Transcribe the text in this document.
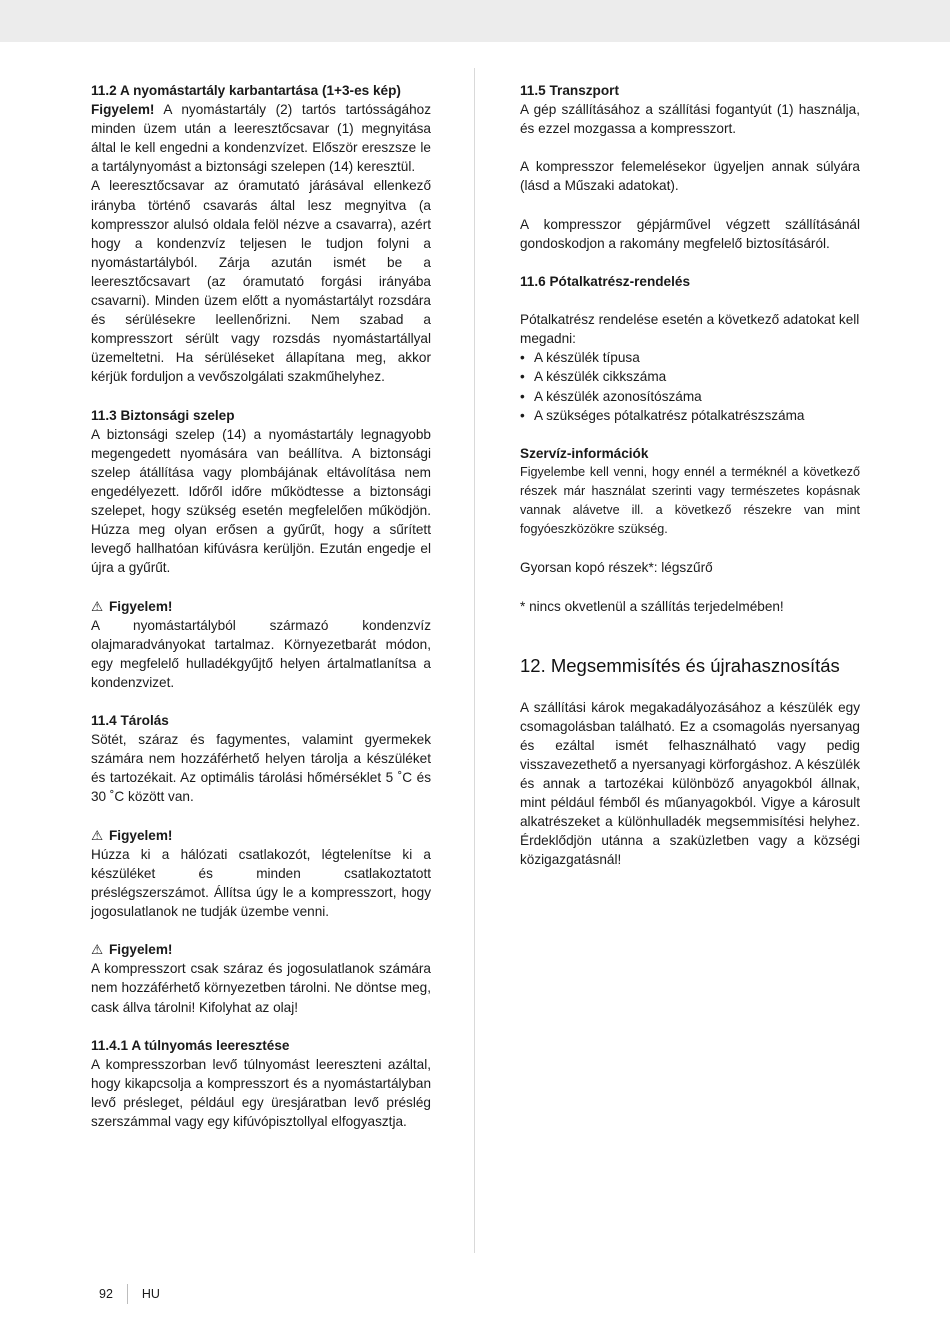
11.2 A nyomástartály karbantartása (1+3-es kép)

Figyelem! A nyomástartály (2) tartós tartósságához minden üzem után a leeresztőcsavar (1) megnyitása által le kell engedni a kondenzvízet. Először ereszsze le a tartálynyomást a biztonsági szelepen (14) keresztül.

A leeresztőcsavar az óramutató járásával ellenkező irányba történő csavarás által lesz megnyitva (a kompresszor alulsó oldala felöl nézve a csavarra), azért hogy a kondenzvíz teljesen le tudjon folyni a nyomástartályból. Zárja azután ismét be a leeresztőcsavart (az óramutató forgási irányába csavarni). Minden üzem előtt a nyomástartályt rozsdára és sérülésekre leellenőrizni. Nem szabad a kompresszort sérült vagy rozsdás nyomástartállyal üzemeltetni. Ha sérüléseket állapítana meg, akkor kérjük forduljon a vevőszolgálati szakműhelyhez.

11.3 Biztonsági szelep

A biztonsági szelep (14) a nyomástartály legnagyobb megengedett nyomására van beállítva. A biztonsági szelep átállítása vagy plombájának eltávolítása nem engedélyezett. Időről időre működtesse a biztonsági szelepet, hogy szükség esetén megfelelően működjön. Húzza meg olyan erősen a gyűrűt, hogy a sűrített levegő hallhatóan kifúvásra kerüljön. Ezután engedje el újra a gyűrűt.

⚠ Figyelem!

A nyomástartályból származó kondenzvíz olajmaradványokat tartalmaz. Környezetbarát módon, egy megfelelő hulladékgyűjtő helyen ártalmatlanítsa a kondenzvizet.

11.4 Tárolás

Sötét, száraz és fagymentes, valamint gyermekek számára nem hozzáférhető helyen tárolja a készüléket és tartozékait. Az optimális tárolási hőmérséklet 5 ˚C és 30 ˚C között van.

⚠ Figyelem!

Húzza ki a hálózati csatlakozót, légtelenítse ki a készüléket és minden csatlakoztatott préslégszerszámot. Állítsa úgy le a kompresszort, hogy jogosulatlanok ne tudják üzembe venni.

⚠ Figyelem!

A kompresszort csak száraz és jogosulatlanok számára nem hozzáférhető környezetben tárolni. Ne döntse meg, cask állva tárolni! Kifolyhat az olaj!

11.4.1 A túlnyomás leeresztése

A kompresszorban levő túlnyomást leereszteni azáltal, hogy kikapcsolja a kompresszort és a nyomástartályban levő présleget, például egy üresjáratban levő préslég szerszámmal vagy egy kifúvópisztollyal elfogyasztja.

11.5 Transzport

A gép szállításához a szállítási fogantyút (1) használja, és ezzel mozgassa a kompresszort.

A kompresszor felemelésekor ügyeljen annak súlyára (lásd a Műszaki adatokat).

A kompresszor gépjárművel végzett szállításánál gondoskodjon a rakomány megfelelő biztosításáról.

11.6 Pótalkatrész-rendelés

Pótalkatrész rendelése esetén a következő adatokat kell megadni:

• A készülék típusa
• A készülék cikkszáma
• A készülék azonosítószáma
• A szükséges pótalkatrész pótalkatrészszáma

Szervíz-információk

Figyelembe kell venni, hogy ennél a terméknél a következő részek már használat szerinti vagy természetes kopásnak vannak alávetve ill. a következő részekre van mint fogyóeszközökre szükség.

Gyorsan kopó részek*: légszűrő

* nincs okvetlenül a szállítás terjedelmében!

12. Megsemmisítés és újrahasznosítás

A szállítási károk megakadályozásához a készülék egy csomagolásban található. Ez a csomagolás nyersanyag és ezáltal ismét felhasználható vagy pedig visszavezethető a nyersanyagi körforgáshoz. A készülék és annak a tartozékai különböző anyagokból állnak, mint például fémből és műanyagokból. Vigye a károsult alkatrészeket a különhulladék megsemmisítési helyhez. Érdeklődjön utánna a szaküzletben vagy a községi közigazgatásnál!

92 HU
